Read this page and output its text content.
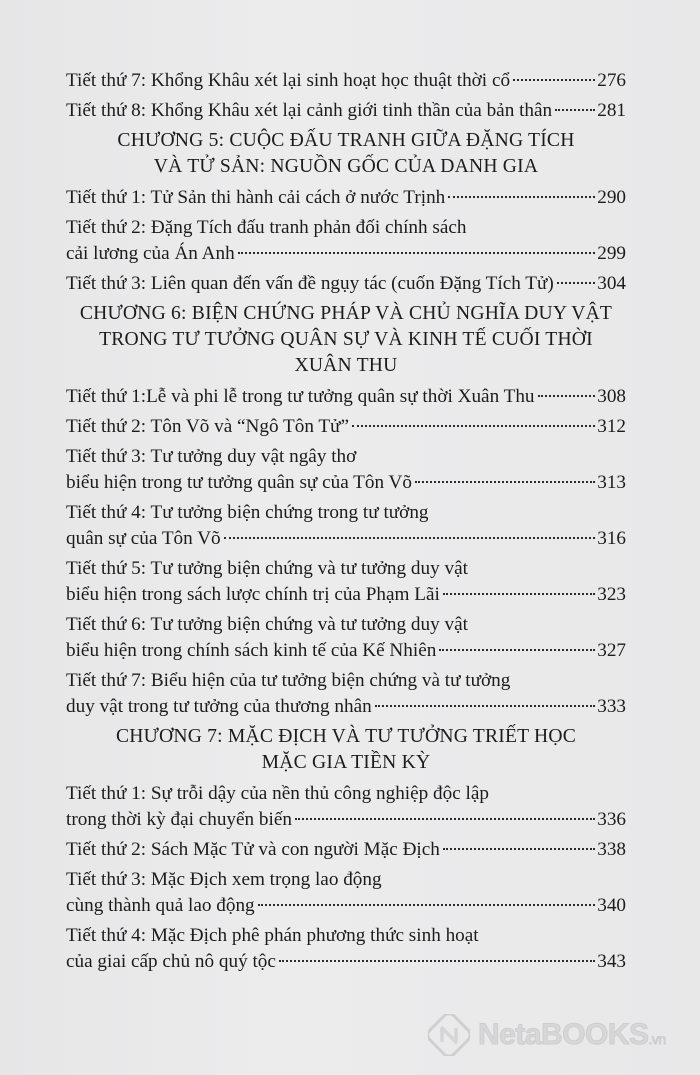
Tiết thứ 7: Khổng Khâu xét lại sinh hoạt học thuật thời cổ	276
Tiết thứ 8: Khổng Khâu xét lại cảnh giới tinh thần của bản thân 281
CHƯƠNG 5: CUỘC ĐẤU TRANH GIỮA ĐẶNG TÍCH
VÀ TỬ SẢN: NGUỒN GỐC CỦA DANH GIA
Tiết thứ 1: Tử Sản thi hành cải cách ở nước Trịnh	290
Tiết thứ 2: Đặng Tích đấu tranh phản đối chính sách
cải lương của Án Anh	299
Tiết thứ 3: Liên quan đến vấn đề ngụy tác (cuốn Đặng Tích Tử) 304
CHƯƠNG 6: BIỆN CHỨNG PHÁP VÀ CHỦ NGHĨA DUY VẬT
TRONG TƯ TƯỞNG QUÂN SỰ VÀ KINH TẾ CUỐI THỜI
XUÂN THU
Tiết thứ 1:Lễ và phi lễ trong tư tưởng quân sự thời Xuân Thu	308
Tiết thứ 2: Tôn Võ và “Ngô Tôn Tử”	312
Tiết thứ 3: Tư tưởng duy vật ngây thơ
biểu hiện trong tư tưởng quân sự của Tôn Võ	313
Tiết thứ 4: Tư tưởng biện chứng trong tư tưởng
quân sự của Tôn Võ	316
Tiết thứ 5: Tư tưởng biện chứng và tư tưởng duy vật
biểu hiện trong sách lược chính trị của Phạm Lãi	323
Tiết thứ 6: Tư tưởng biện chứng và tư tưởng duy vật
biểu hiện trong chính sách kinh tế của Kế Nhiên	327
Tiết thứ 7: Biểu hiện của tư tưởng biện chứng và tư tưởng
duy vật trong tư tưởng của thương nhân	333
CHƯƠNG 7: MẶC ĐỊCH VÀ TƯ TƯỞNG TRIẾT HỌC
MẶC GIA TIỀN KỲ
Tiết thứ 1: Sự trỗi dậy của nền thủ công nghiệp độc lập
trong thời kỳ đại chuyển biến	336
Tiết thứ 2: Sách Mặc Tử và con người Mặc Địch	338
Tiết thứ 3: Mặc Địch xem trọng lao động
cùng thành quả lao động	340
Tiết thứ 4: Mặc Địch phê phán phương thức sinh hoạt
của giai cấp chủ nô quý tộc	343
NetaBOOKS.vn
